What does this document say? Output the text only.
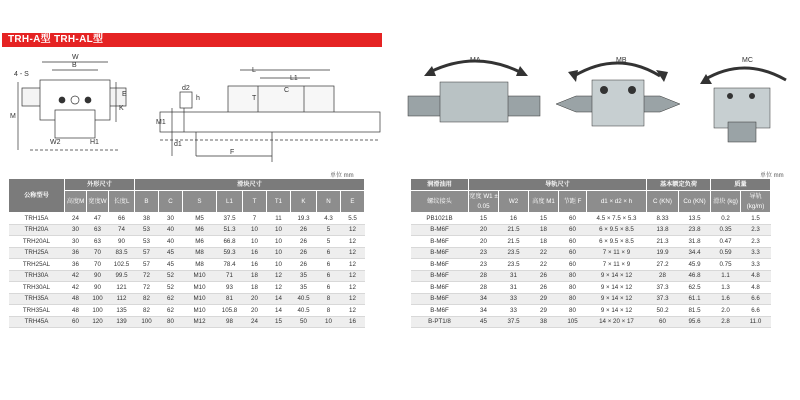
TRH-A型 TRH-AL型
W
B
4 - S
M
K
E
W2	H1
L
L1
C
T
d2
h
M1
d1
F
MA	MB	MC
单位 mm	单位 mm
公称型号	外形尺寸			滑块尺寸								
	高度M	宽度W	长度L	B	C	S	L1	T	T1	K	N	E
TRH15A	24	47	66	38	30	M5	37.5	7	11	19.3	4.3	5.5
TRH20A	30	63	74	53	40	M6	51.3	10	10	26	5	12
TRH20AL	30	63	90	53	40	M6	66.8	10	10	26	5	12
TRH25A	36	70	83.5	57	45	M8	59.3	16	10	26	6	12
TRH25AL	36	70	102.5	57	45	M8	78.4	16	10	26	6	12
TRH30A	42	90	99.5	72	52	M10	71	18	12	35	6	12
TRH30AL	42	90	121	72	52	M10	93	18	12	35	6	12
TRH35A	48	100	112	82	62	M10	81	20	14	40.5	8	12
TRH35AL	48	100	135	82	62	M10	105.8	20	14	40.5	8	12
TRH45A	60	120	139	100	80	M12	98	24	15	50	10	16
润滑油用	导轨尺寸					基本额定负荷		质量	
螺纹接头	宽度 W1 ± 0.05	W2	高度 M1	节距 F	d1 × d2 × h	C (KN)	Co (KN)	滑块 (kg)	导轨 (kg/m)
PB1021B	15	16	15	60	4.5 × 7.5 × 5.3	8.33	13.5	0.2	1.5
B-M6F	20	21.5	18	60	6 × 9.5 × 8.5	13.8	23.8	0.35	2.3
B-M6F	20	21.5	18	60	6 × 9.5 × 8.5	21.3	31.8	0.47	2.3
B-M6F	23	23.5	22	60	7 × 11 × 9	19.9	34.4	0.59	3.3
B-M6F	23	23.5	22	60	7 × 11 × 9	27.2	45.9	0.75	3.3
B-M6F	28	31	26	80	9 × 14 × 12	28	46.8	1.1	4.8
B-M6F	28	31	26	80	9 × 14 × 12	37.3	62.5	1.3	4.8
B-M6F	34	33	29	80	9 × 14 × 12	37.3	61.1	1.6	6.6
B-M6F	34	33	29	80	9 × 14 × 12	50.2	81.5	2.0	6.6
B-PT1/8	45	37.5	38	105	14 × 20 × 17	60	95.6	2.8	11.0
